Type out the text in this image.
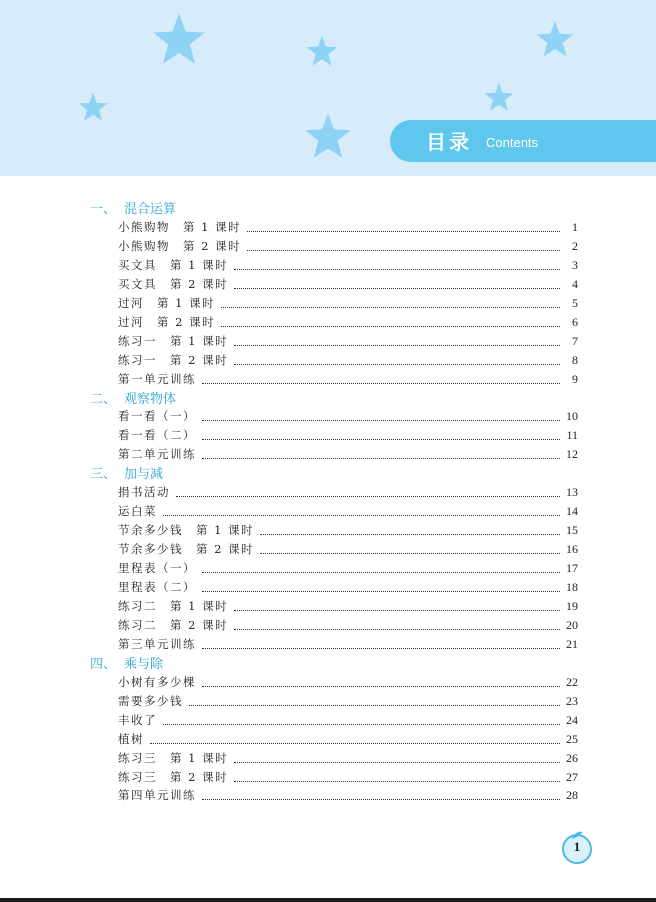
目录 Contents
一、 混合运算
小熊购物　第 1 课时	1
小熊购物　第 2 课时	2
买文具　第 1 课时	3
买文具　第 2 课时	4
过河　第 1 课时	5
过河　第 2 课时	6
练习一　第 1 课时	7
练习一　第 2 课时	8
第一单元训练	9
二、 观察物体
看一看（一）	10
看一看（二）	11
第二单元训练	12
三、 加与减
捐书活动	13
运白菜	14
节余多少钱　第 1 课时	15
节余多少钱　第 2 课时	16
里程表（一）	17
里程表（二）	18
练习二　第 1 课时	19
练习二　第 2 课时	20
第三单元训练	21
四、 乘与除
小树有多少棵	22
需要多少钱	23
丰收了	24
植树	25
练习三　第 1 课时	26
练习三　第 2 课时	27
第四单元训练	28
1
